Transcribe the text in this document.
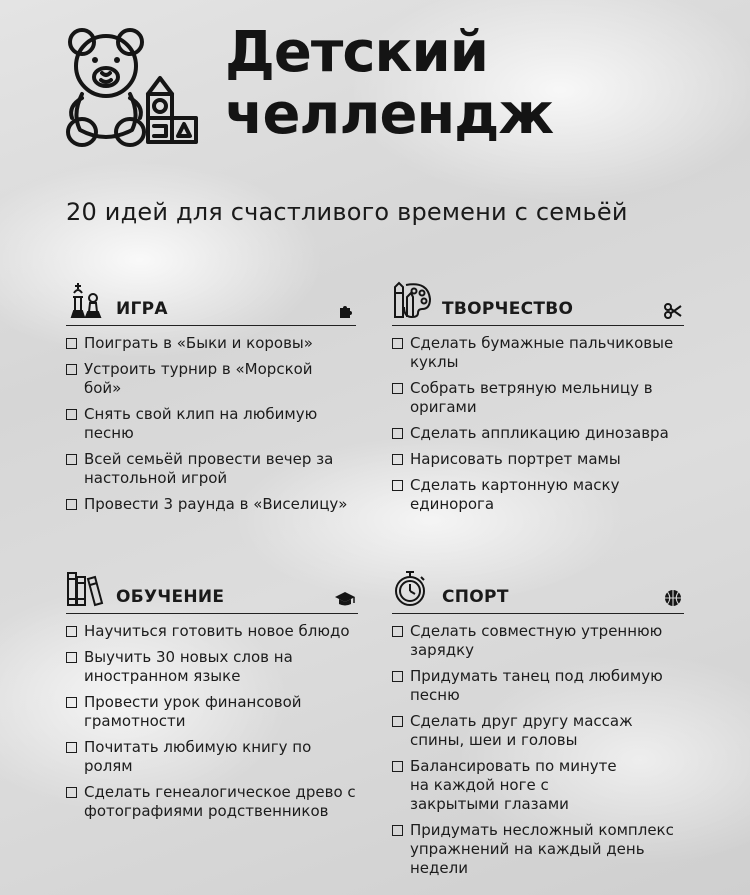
Детский
челлендж
20 идей для счастливого времени с семьёй
ИГРА
Поиграть в «Быки и коровы»
Устроить турнир в «Морской бой»
Снять свой клип на любимую песню
Всей семьёй провести вечер за настольной игрой
Провести 3 раунда в «Виселицу»
ТВОРЧЕСТВО
Сделать бумажные пальчиковые куклы
Собрать ветряную мельницу в оригами
Сделать аппликацию динозавра
Нарисовать портрет мамы
Сделать картонную маску единорога
ОБУЧЕНИЕ
Научиться готовить новое блюдо
Выучить 30 новых слов на иностранном языке
Провести урок финансовой грамотности
Почитать любимую книгу по ролям
Сделать генеалогическое древо с фотографиями родственников
СПОРТ
Сделать совместную утреннюю зарядку
Придумать танец под любимую песню
Сделать друг другу массаж спины, шеи и головы
Балансировать по минуте на каждой ноге с закрытыми глазами
Придумать несложный комплекс упражнений на каждый день недели
